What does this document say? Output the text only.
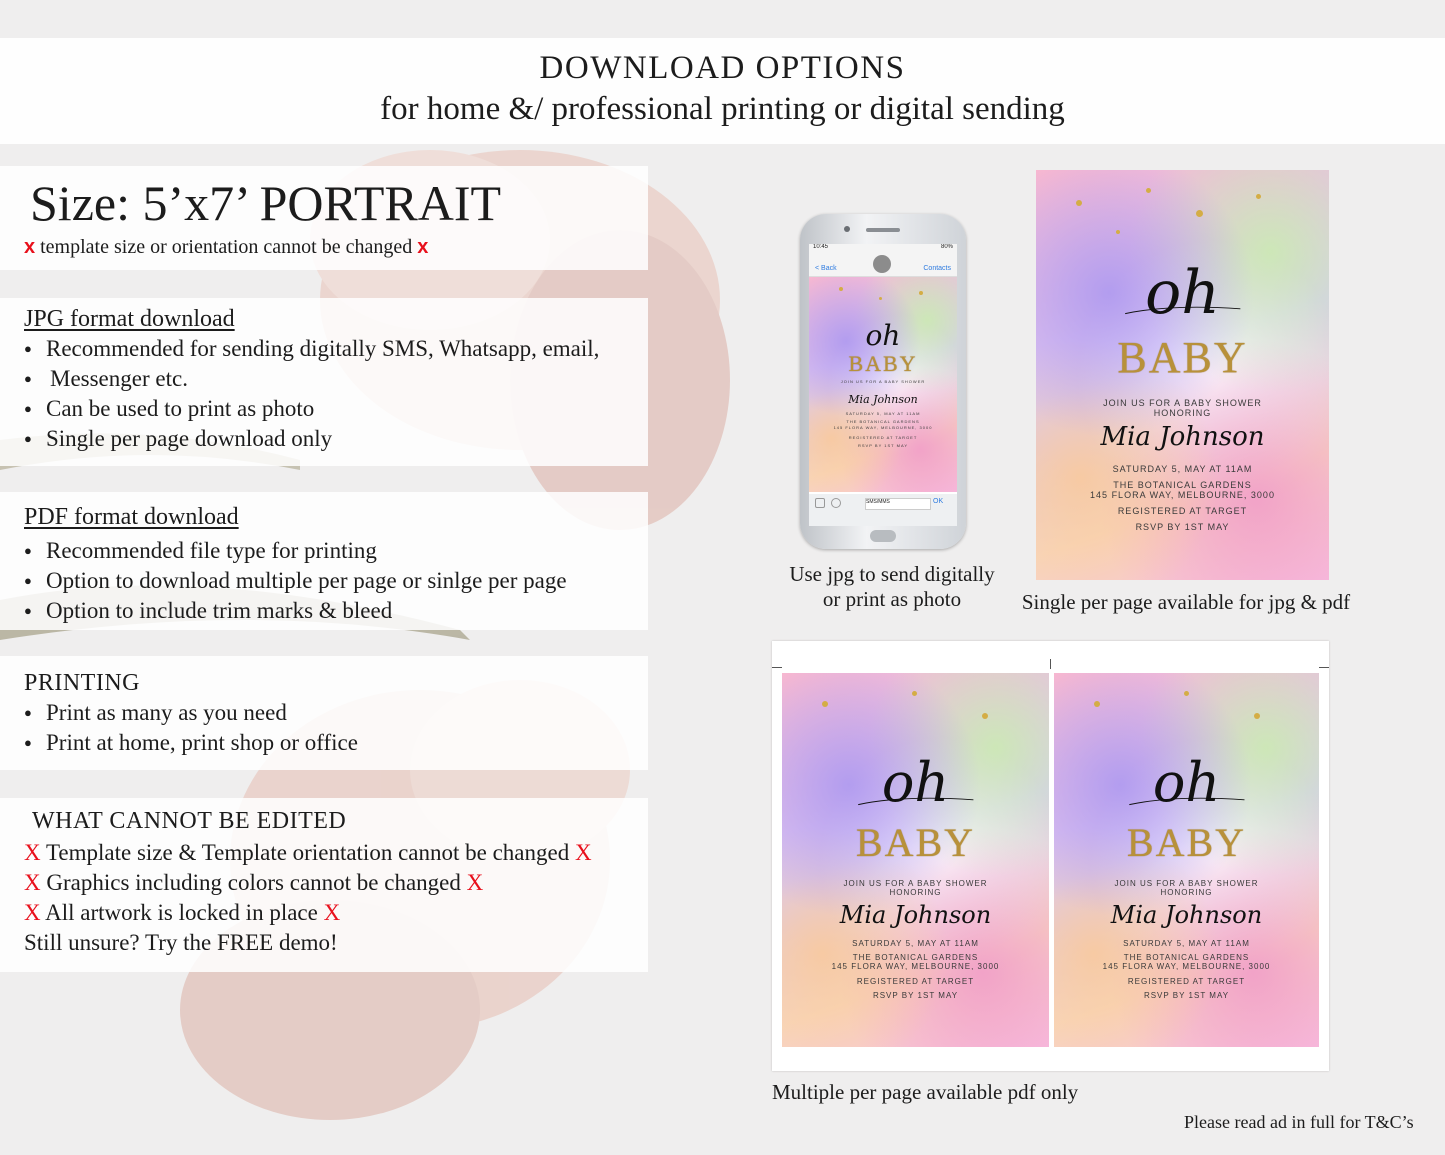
DOWNLOAD OPTIONS
for home &/ professional printing or digital sending
Size: 5’x7’ PORTRAIT
x template size or orientation cannot be changed x
JPG format download
● Recommended for sending digitally SMS, Whatsapp, email,
● Messenger etc.
● Can be used to print as photo
● Single per page download only
PDF format download
● Recommended file type for printing
● Option to download multiple per page or sinlge per page
● Option to include trim marks & bleed
PRINTING
● Print as many as you need
● Print at home, print shop or office
WHAT CANNOT BE EDITED
X Template size & Template orientation cannot be changed X
X Graphics including colors cannot be changed X
X All artwork is locked in place X
Still unsure? Try the FREE demo!
10:45	80%
< Back	Contacts
oh
BABY
JOIN US FOR A BABY SHOWER
Mia Johnson
SATURDAY 5, MAY AT 11AM
THE BOTANICAL GARDENS
145 FLORA WAY, MELBOURNE, 3000
REGISTERED AT TARGET
RSVP BY 1ST MAY
SMS/MMS	OK
oh
BABY
JOIN US FOR A BABY SHOWER
HONORING
Mia Johnson
SATURDAY 5, MAY AT 11AM
THE BOTANICAL GARDENS
145 FLORA WAY, MELBOURNE, 3000
REGISTERED AT TARGET
RSVP BY 1ST MAY
Use jpg to send digitally
or print as photo	Single per page available for jpg & pdf
oh
BABY
JOIN US FOR A BABY SHOWER
HONORING
Mia Johnson
SATURDAY 5, MAY AT 11AM
THE BOTANICAL GARDENS
145 FLORA WAY, MELBOURNE, 3000
REGISTERED AT TARGET
RSVP BY 1ST MAY
oh
BABY
JOIN US FOR A BABY SHOWER
HONORING
Mia Johnson
SATURDAY 5, MAY AT 11AM
THE BOTANICAL GARDENS
145 FLORA WAY, MELBOURNE, 3000
REGISTERED AT TARGET
RSVP BY 1ST MAY
Multiple per page available pdf only
Please read ad in full for T&C’s
